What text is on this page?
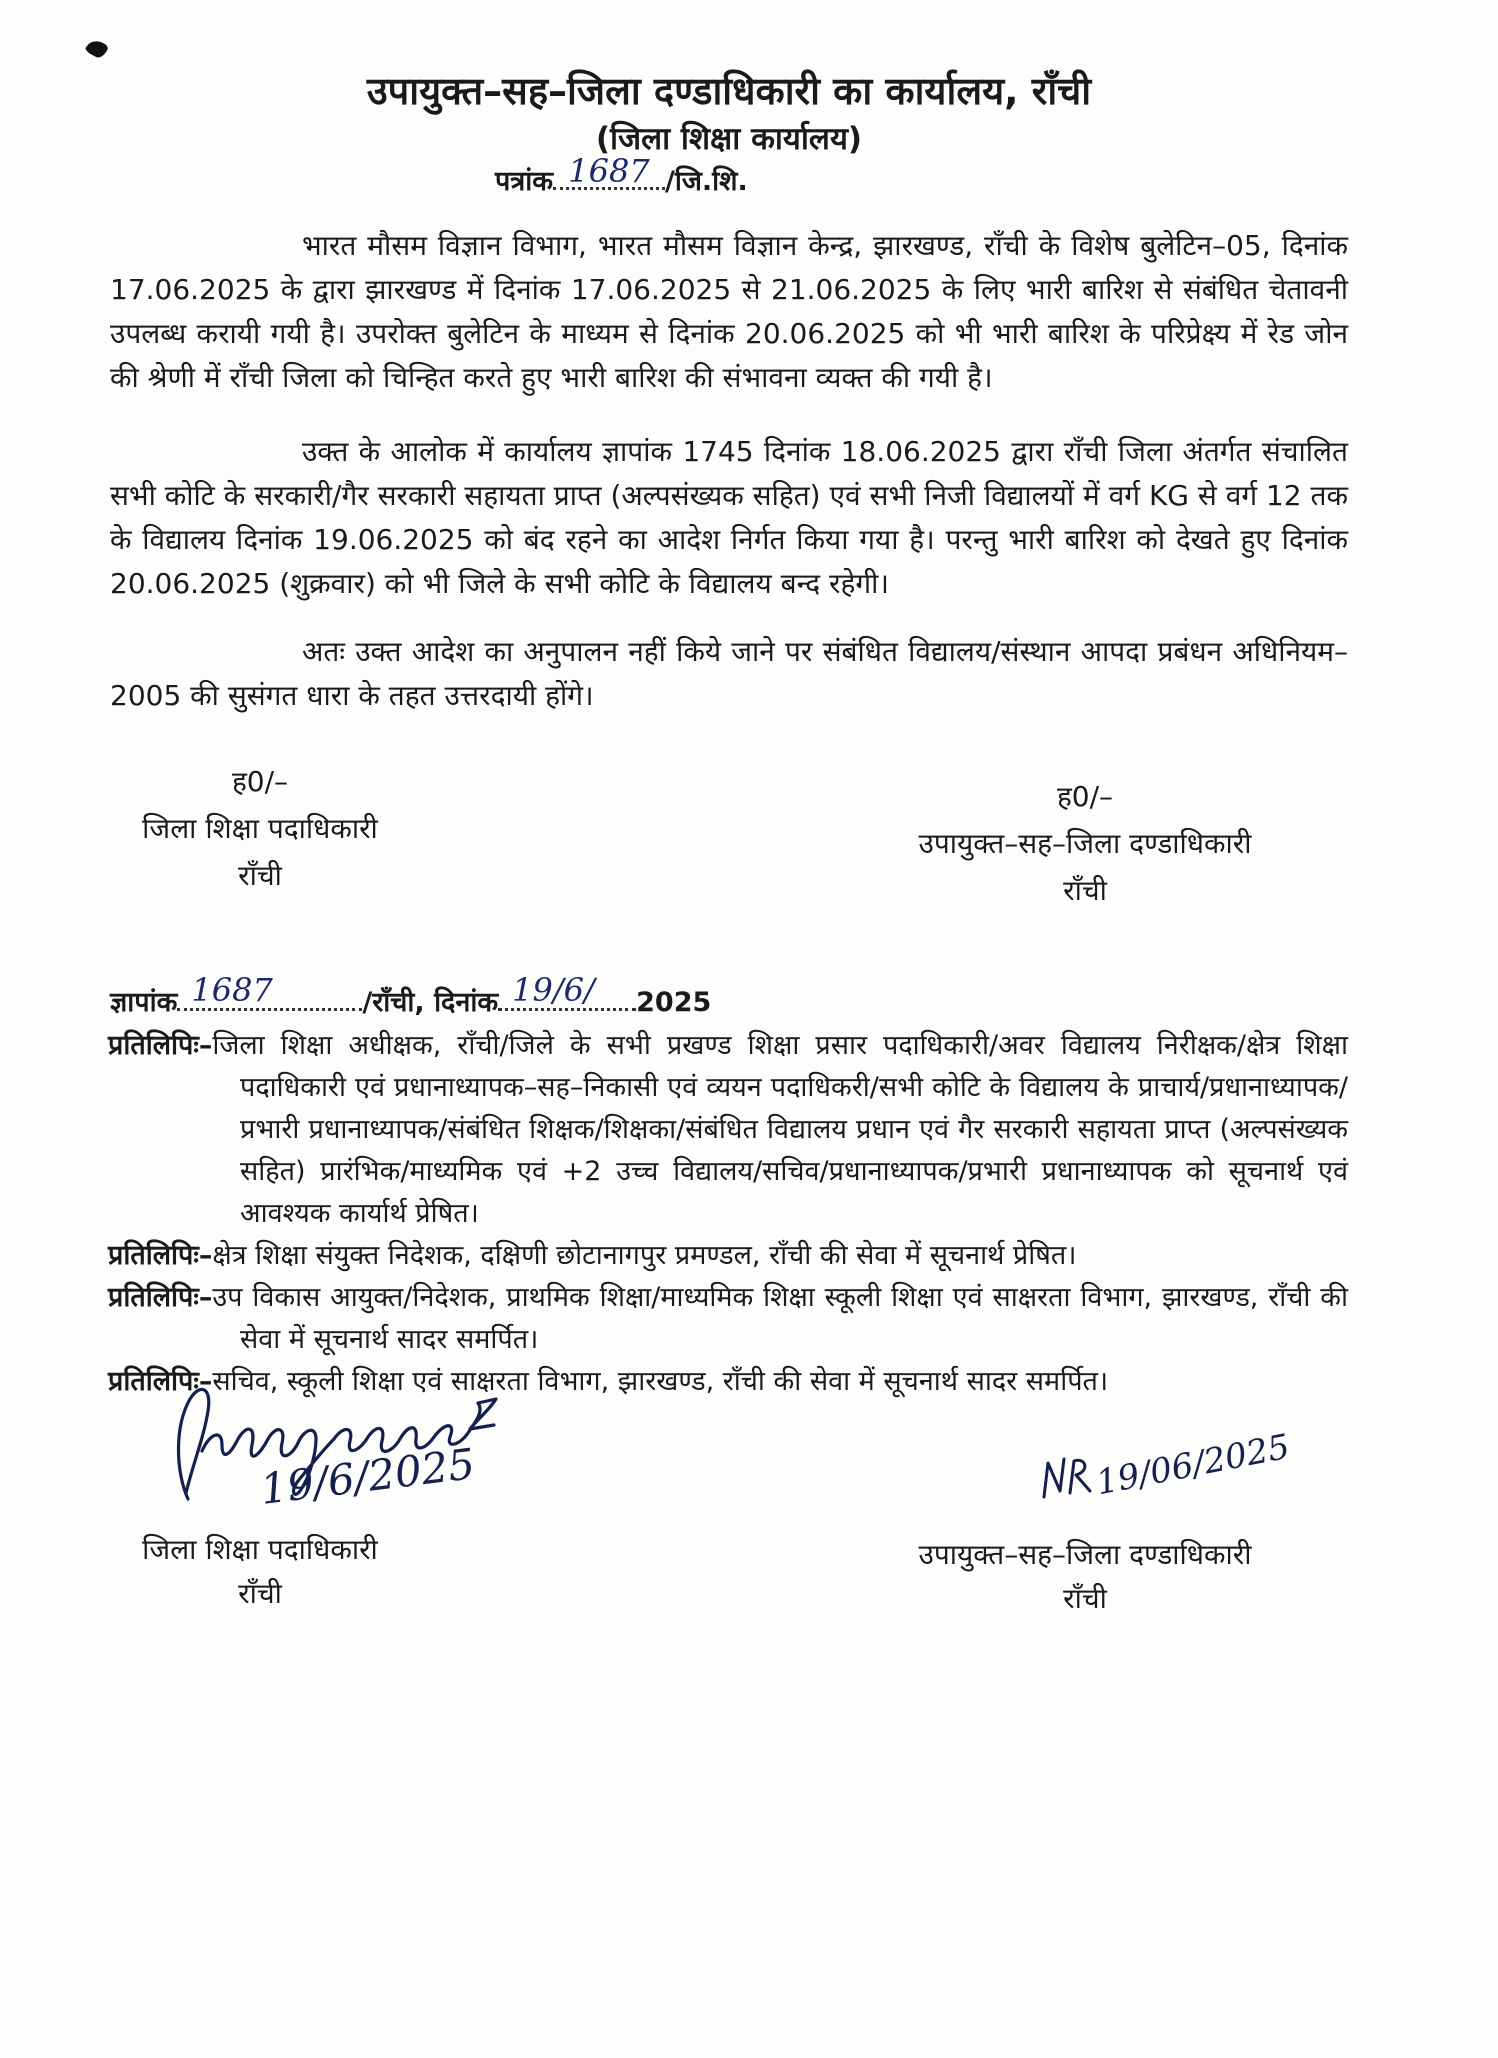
उपायुक्त–सह–जिला दण्डाधिकारी का कार्यालय, राँची
(जिला शिक्षा कार्यालय)
पत्रांक 1687 /जि.शि.

भारत मौसम विज्ञान विभाग, भारत मौसम विज्ञान केन्द्र, झारखण्ड, राँची के विशेष बुलेटिन–05, दिनांक 17.06.2025 के द्वारा झारखण्ड में दिनांक 17.06.2025 से 21.06.2025 के लिए भारी बारिश से संबंधित चेतावनी उपलब्ध करायी गयी है। उपरोक्त बुलेटिन के माध्यम से दिनांक 20.06.2025 को भी भारी बारिश के परिप्रेक्ष्य में रेड जोन की श्रेणी में राँची जिला को चिन्हित करते हुए भारी बारिश की संभावना व्यक्त की गयी है।

उक्त के आलोक में कार्यालय ज्ञापांक 1745 दिनांक 18.06.2025 द्वारा राँची जिला अंतर्गत संचालित सभी कोटि के सरकारी/गैर सरकारी सहायता प्राप्त (अल्पसंख्यक सहित) एवं सभी निजी विद्यालयों में वर्ग KG से वर्ग 12 तक के विद्यालय दिनांक 19.06.2025 को बंद रहने का आदेश निर्गत किया गया है। परन्तु भारी बारिश को देखते हुए दिनांक 20.06.2025 (शुक्रवार) को भी जिले के सभी कोटि के विद्यालय बन्द रहेगी।

अतः उक्त आदेश का अनुपालन नहीं किये जाने पर संबंधित विद्यालय/संस्थान आपदा प्रबंधन अधिनियम–2005 की सुसंगत धारा के तहत उत्तरदायी होंगे।

ह0/–
जिला शिक्षा पदाधिकारी
राँची
ह0/–
उपायुक्त–सह–जिला दण्डाधिकारी
राँची
ज्ञापांक 1687	/राँची, दिनांक 19/6/	2025

प्रतिलिपिः–जिला शिक्षा अधीक्षक, राँची/जिले के सभी प्रखण्ड शिक्षा प्रसार पदाधिकारी/अवर विद्यालय निरीक्षक/क्षेत्र शिक्षा पदाधिकारी एवं प्रधानाध्यापक–सह–निकासी एवं व्ययन पदाधिकरी/सभी कोटि के विद्यालय के प्राचार्य/प्रधानाध्यापक/प्रभारी प्रधानाध्यापक/संबंधित शिक्षक/शिक्षका/संबंधित विद्यालय प्रधान एवं गैर सरकारी सहायता प्राप्त (अल्पसंख्यक सहित) प्रारंभिक/माध्यमिक एवं +2 उच्च विद्यालय/सचिव/प्रधानाध्यापक/प्रभारी प्रधानाध्यापक को सूचनार्थ एवं आवश्यक कार्यार्थ प्रेषित।

प्रतिलिपिः–क्षेत्र शिक्षा संयुक्त निदेशक, दक्षिणी छोटानागपुर प्रमण्डल, राँची की सेवा में सूचनार्थ प्रेषित।

प्रतिलिपिः–उप विकास आयुक्त/निदेशक, प्राथमिक शिक्षा/माध्यमिक शिक्षा स्कूली शिक्षा एवं साक्षरता विभाग, झारखण्ड, राँची की सेवा में सूचनार्थ सादर समर्पित।

प्रतिलिपिः–सचिव, स्कूली शिक्षा एवं साक्षरता विभाग, झारखण्ड, राँची की सेवा में सूचनार्थ सादर समर्पित।

19/6/2025	19/06/2025
जिला शिक्षा पदाधिकारी
राँची
उपायुक्त–सह–जिला दण्डाधिकारी
राँची
